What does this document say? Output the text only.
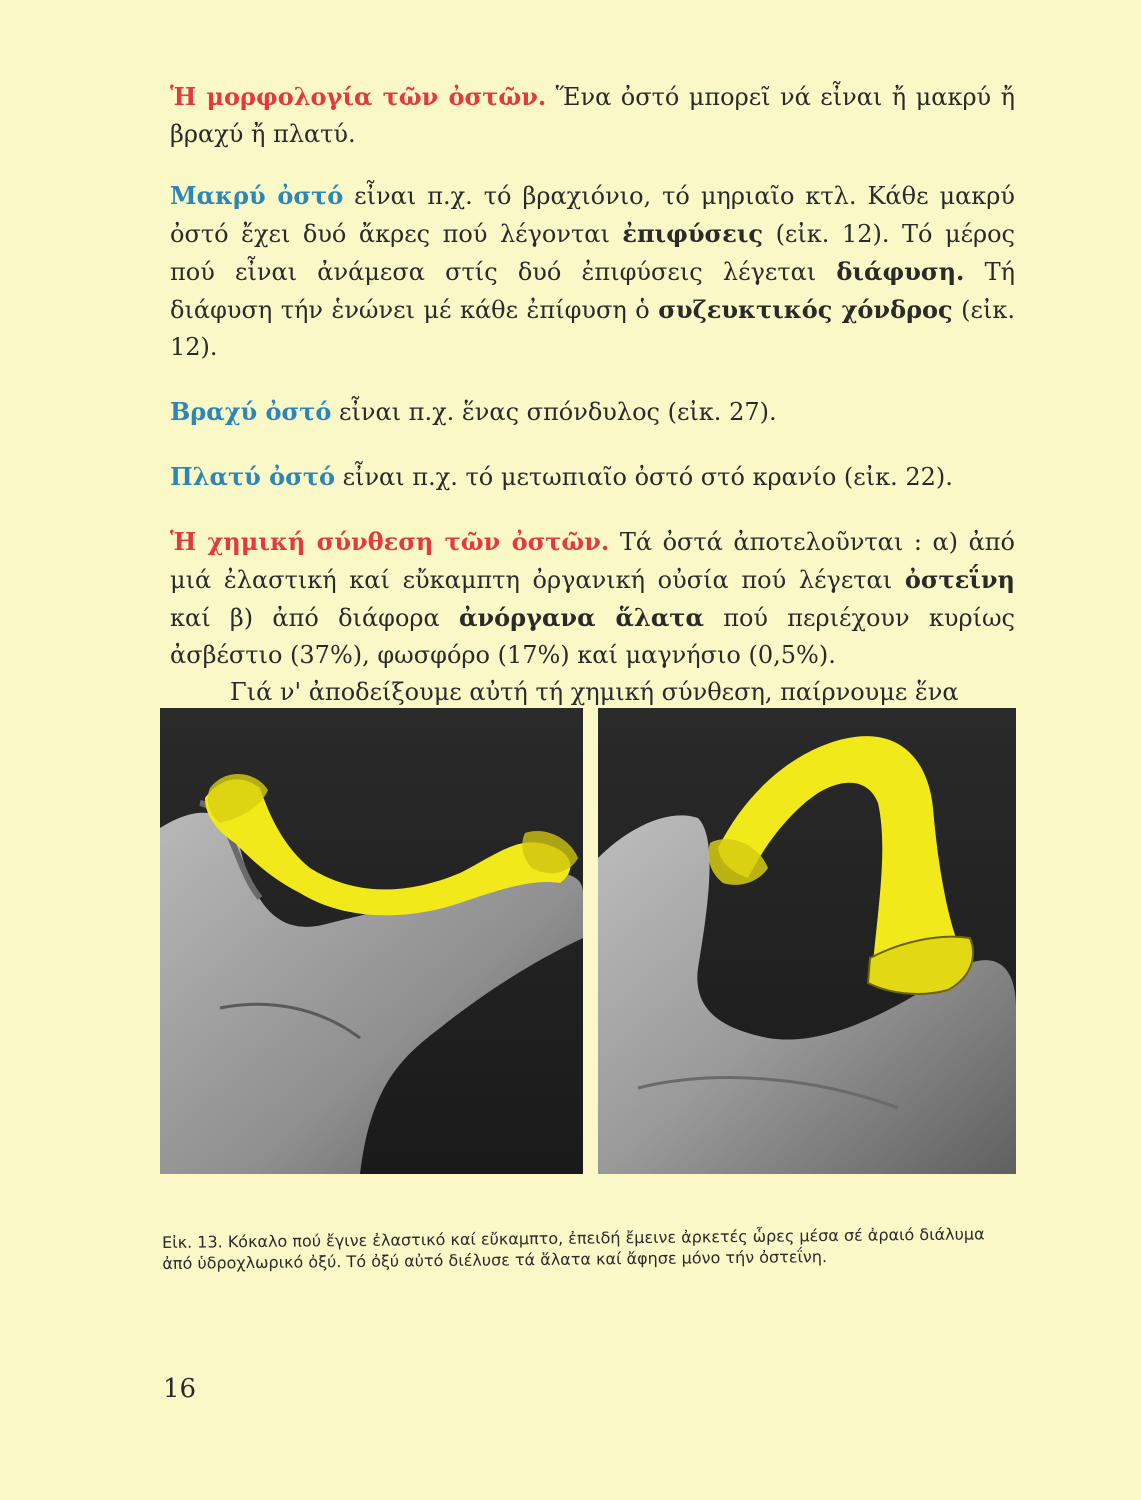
Ἡ μορφολογία τῶν ὀστῶν. Ἕνα ὀστό μπορεῖ νά εἶναι ἤ μακρύ ἤ βραχύ ἤ πλατύ.

Μακρύ ὀστό εἶναι π.χ. τό βραχιόνιο, τό μηριαῖο κτλ. Κάθε μακρύ ὀστό ἔχει δυό ἄκρες πού λέγονται ἐπιφύσεις (εἰκ. 12). Τό μέρος πού εἶναι ἀνάμεσα στίς δυό ἐπιφύσεις λέγεται διάφυση. Τή διάφυση τήν ἑνώνει μέ κάθε ἐπίφυση ὁ συζευκτικός χόνδρος (εἰκ. 12).

Βραχύ ὀστό εἶναι π.χ. ἕνας σπόνδυλος (εἰκ. 27).

Πλατύ ὀστό εἶναι π.χ. τό μετωπιαῖο ὀστό στό κρανίο (εἰκ. 22).

Ἡ χημική σύνθεση τῶν ὀστῶν. Τά ὀστά ἀποτελοῦνται : α) ἀπό μιά ἐλαστική καί εὔκαμπτη ὀργανική οὐσία πού λέγεται ὀστεΐνη καί β) ἀπό διάφορα ἀνόργανα ἅλατα πού περιέχουν κυρίως ἀσβέστιο (37%), φωσφόρο (17%) καί μαγνήσιο (0,5%).

Γιά ν' ἀποδείξουμε αὐτή τή χημική σύνθεση, παίρνουμε ἕνα

Εἰκ. 13. Κόκαλο πού ἔγινε ἐλαστικό καί εὔκαμπτο, ἐπειδή ἔμεινε ἀρκετές ὧρες μέσα σέ ἀραιό διάλυμα ἀπό ὑδροχλωρικό ὀξύ. Τό ὀξύ αὐτό διέλυσε τά ἅλατα καί ἄφησε μόνο τήν ὀστεΐνη.
16
